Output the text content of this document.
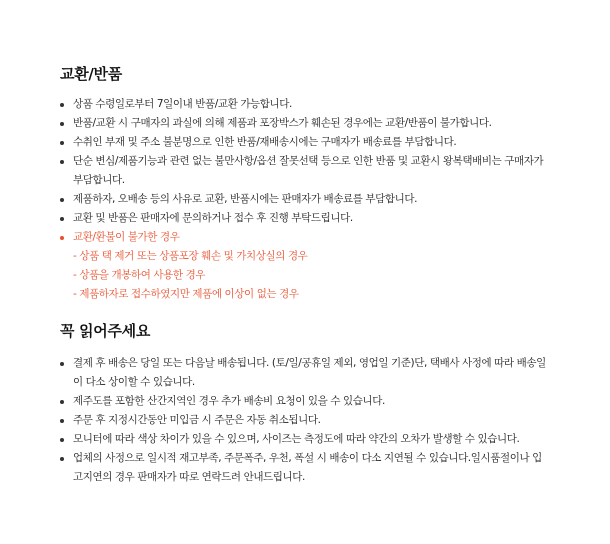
교환/반품
상품 수령일로부터 7일이내 반품/교환 가능합니다.
반품/교환 시 구매자의 과실에 의해 제품과 포장박스가 훼손된 경우에는 교환/반품이 불가합니다.
수취인 부재 및 주소 불분명으로 인한 반품/재배송시에는 구매자가 배송료를 부담합니다.
단순 변심/제품기능과 관련 없는 불만사항/옵션 잘못선택 등으로 인한 반품 및 교환시 왕복택배비는 구매자가 부담합니다.
제품하자, 오배송 등의 사유로 교환, 반품시에는 판매자가 배송료를 부담합니다.
교환 및 반품은 판매자에 문의하거나 접수 후 진행 부탁드립니다.
교환/환불이 불가한 경우
- 상품 택 제거 또는 상품포장 훼손 및 가치상실의 경우
- 상품을 개봉하여 사용한 경우
- 제품하자로 접수하였지만 제품에 이상이 없는 경우
꼭 읽어주세요
결제 후 배송은 당일 또는 다음날 배송됩니다. (토/일/공휴일 제외, 영업일 기준)단, 택배사 사정에 따라 배송일이 다소 상이할 수 있습니다.
제주도를 포함한 산간지역인 경우 추가 배송비 요청이 있을 수 있습니다.
주문 후 지정시간동안 미입금 시 주문은 자동 취소됩니다.
모니터에 따라 색상 차이가 있을 수 있으며, 사이즈는 측정도에 따라 약간의 오차가 발생할 수 있습니다.
업체의 사정으로 일시적 재고부족, 주문폭주, 우천, 폭설 시 배송이 다소 지연될 수 있습니다.일시품절이나 입고지연의 경우 판매자가 따로 연락드려 안내드립니다.
